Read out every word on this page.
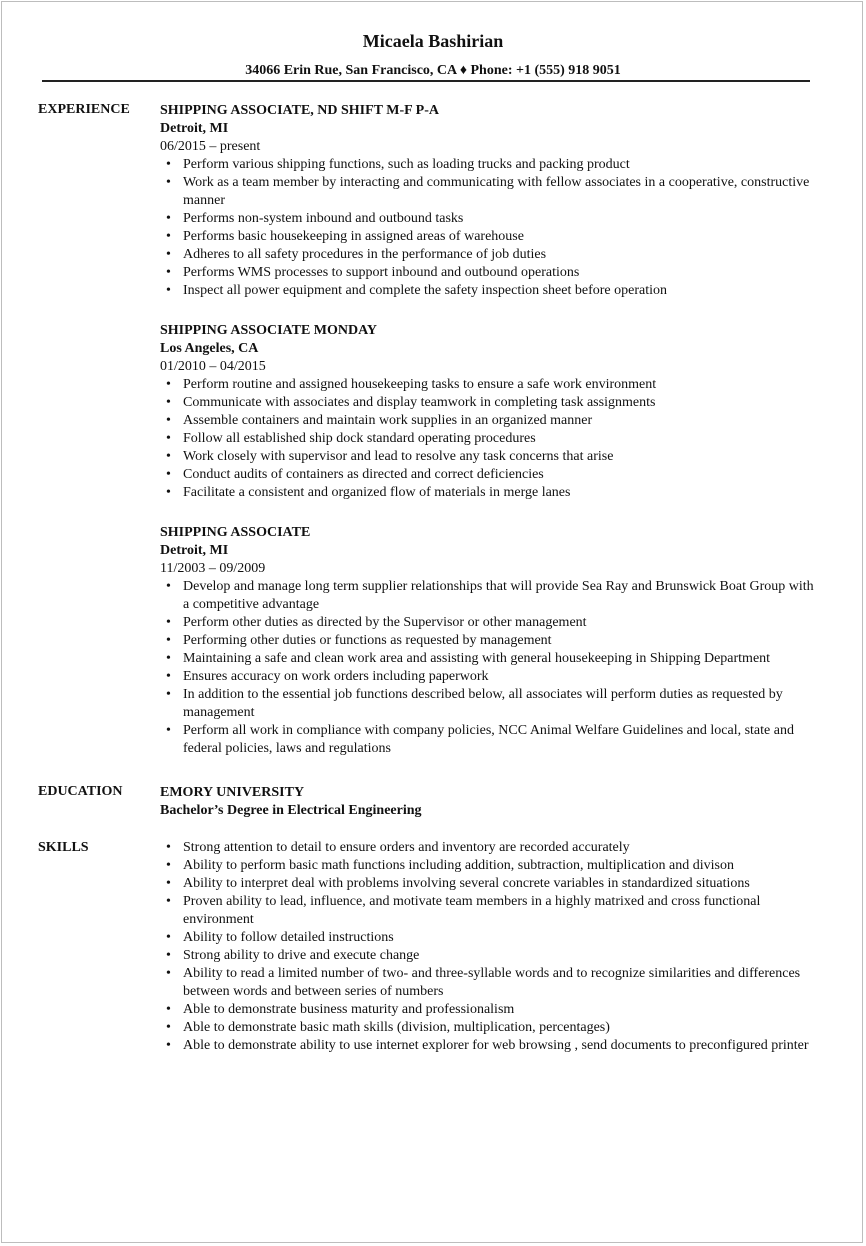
Micaela Bashirian
34066 Erin Rue, San Francisco, CA ♦ Phone: +1 (555) 918 9051
EXPERIENCE SHIPPING ASSOCIATE, ND SHIFT M-F P-A
Detroit, MI
06/2015 – present
• Perform various shipping functions, such as loading trucks and packing product
• Work as a team member by interacting and communicating with fellow associates in a cooperative, constructive manner
• Performs non-system inbound and outbound tasks
• Performs basic housekeeping in assigned areas of warehouse
• Adheres to all safety procedures in the performance of job duties
• Performs WMS processes to support inbound and outbound operations
• Inspect all power equipment and complete the safety inspection sheet before operation
SHIPPING ASSOCIATE MONDAY
Los Angeles, CA
01/2010 – 04/2015
• Perform routine and assigned housekeeping tasks to ensure a safe work environment
• Communicate with associates and display teamwork in completing task assignments
• Assemble containers and maintain work supplies in an organized manner
• Follow all established ship dock standard operating procedures
• Work closely with supervisor and lead to resolve any task concerns that arise
• Conduct audits of containers as directed and correct deficiencies
• Facilitate a consistent and organized flow of materials in merge lanes
SHIPPING ASSOCIATE
Detroit, MI
11/2003 – 09/2009
• Develop and manage long term supplier relationships that will provide Sea Ray and Brunswick Boat Group with a competitive advantage
• Perform other duties as directed by the Supervisor or other management
• Performing other duties or functions as requested by management
• Maintaining a safe and clean work area and assisting with general housekeeping in Shipping Department
• Ensures accuracy on work orders including paperwork
• In addition to the essential job functions described below, all associates will perform duties as requested by management
• Perform all work in compliance with company policies, NCC Animal Welfare Guidelines and local, state and federal policies, laws and regulations
EDUCATION	EMORY UNIVERSITY
Bachelor’s Degree in Electrical Engineering
SKILLS
•	Strong attention to detail to ensure orders and inventory are recorded accurately
• Ability to perform basic math functions including addition, subtraction, multiplication and divison
• Ability to interpret deal with problems involving several concrete variables in standardized situations
• Proven ability to lead, influence, and motivate team members in a highly matrixed and cross functional environment
• Ability to follow detailed instructions
• Strong ability to drive and execute change
• Ability to read a limited number of two- and three-syllable words and to recognize similarities and differences between words and between series of numbers
• Able to demonstrate business maturity and professionalism
• Able to demonstrate basic math skills (division, multiplication, percentages)
• Able to demonstrate ability to use internet explorer for web browsing , send documents to preconfigured printer
